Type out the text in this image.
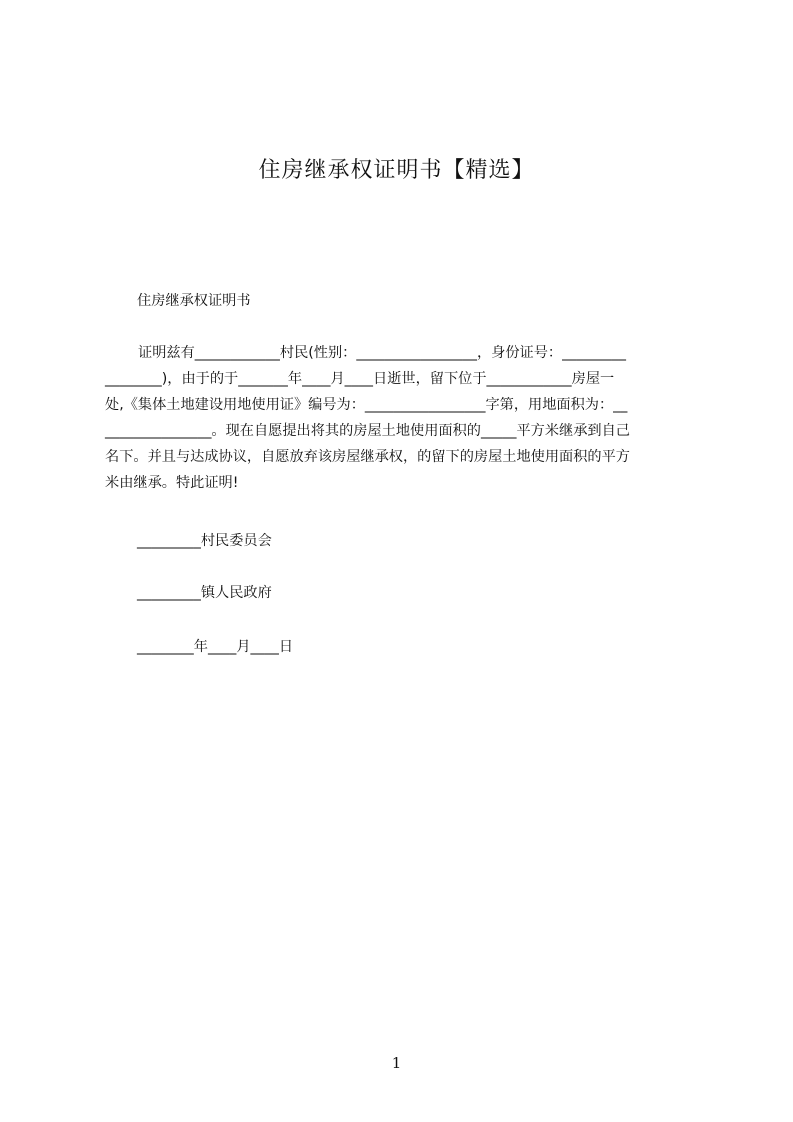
住房继承权证明书【精选】
住房继承权证明书

证明兹有____________村民(性别：_________________，身份证号：_________

________)，由于的于_______年____月____日逝世，留下位于____________房屋一

处,《集体土地建设用地使用证》编号为：_________________字第，用地面积为：__

_______________。现在自愿提出将其的房屋土地使用面积的_____平方米继承到自己

名下。并且与达成协议，自愿放弃该房屋继承权，的留下的房屋土地使用面积的平方

米由继承。特此证明!

_________村民委员会
_________镇人民政府
________年____月____日
1
